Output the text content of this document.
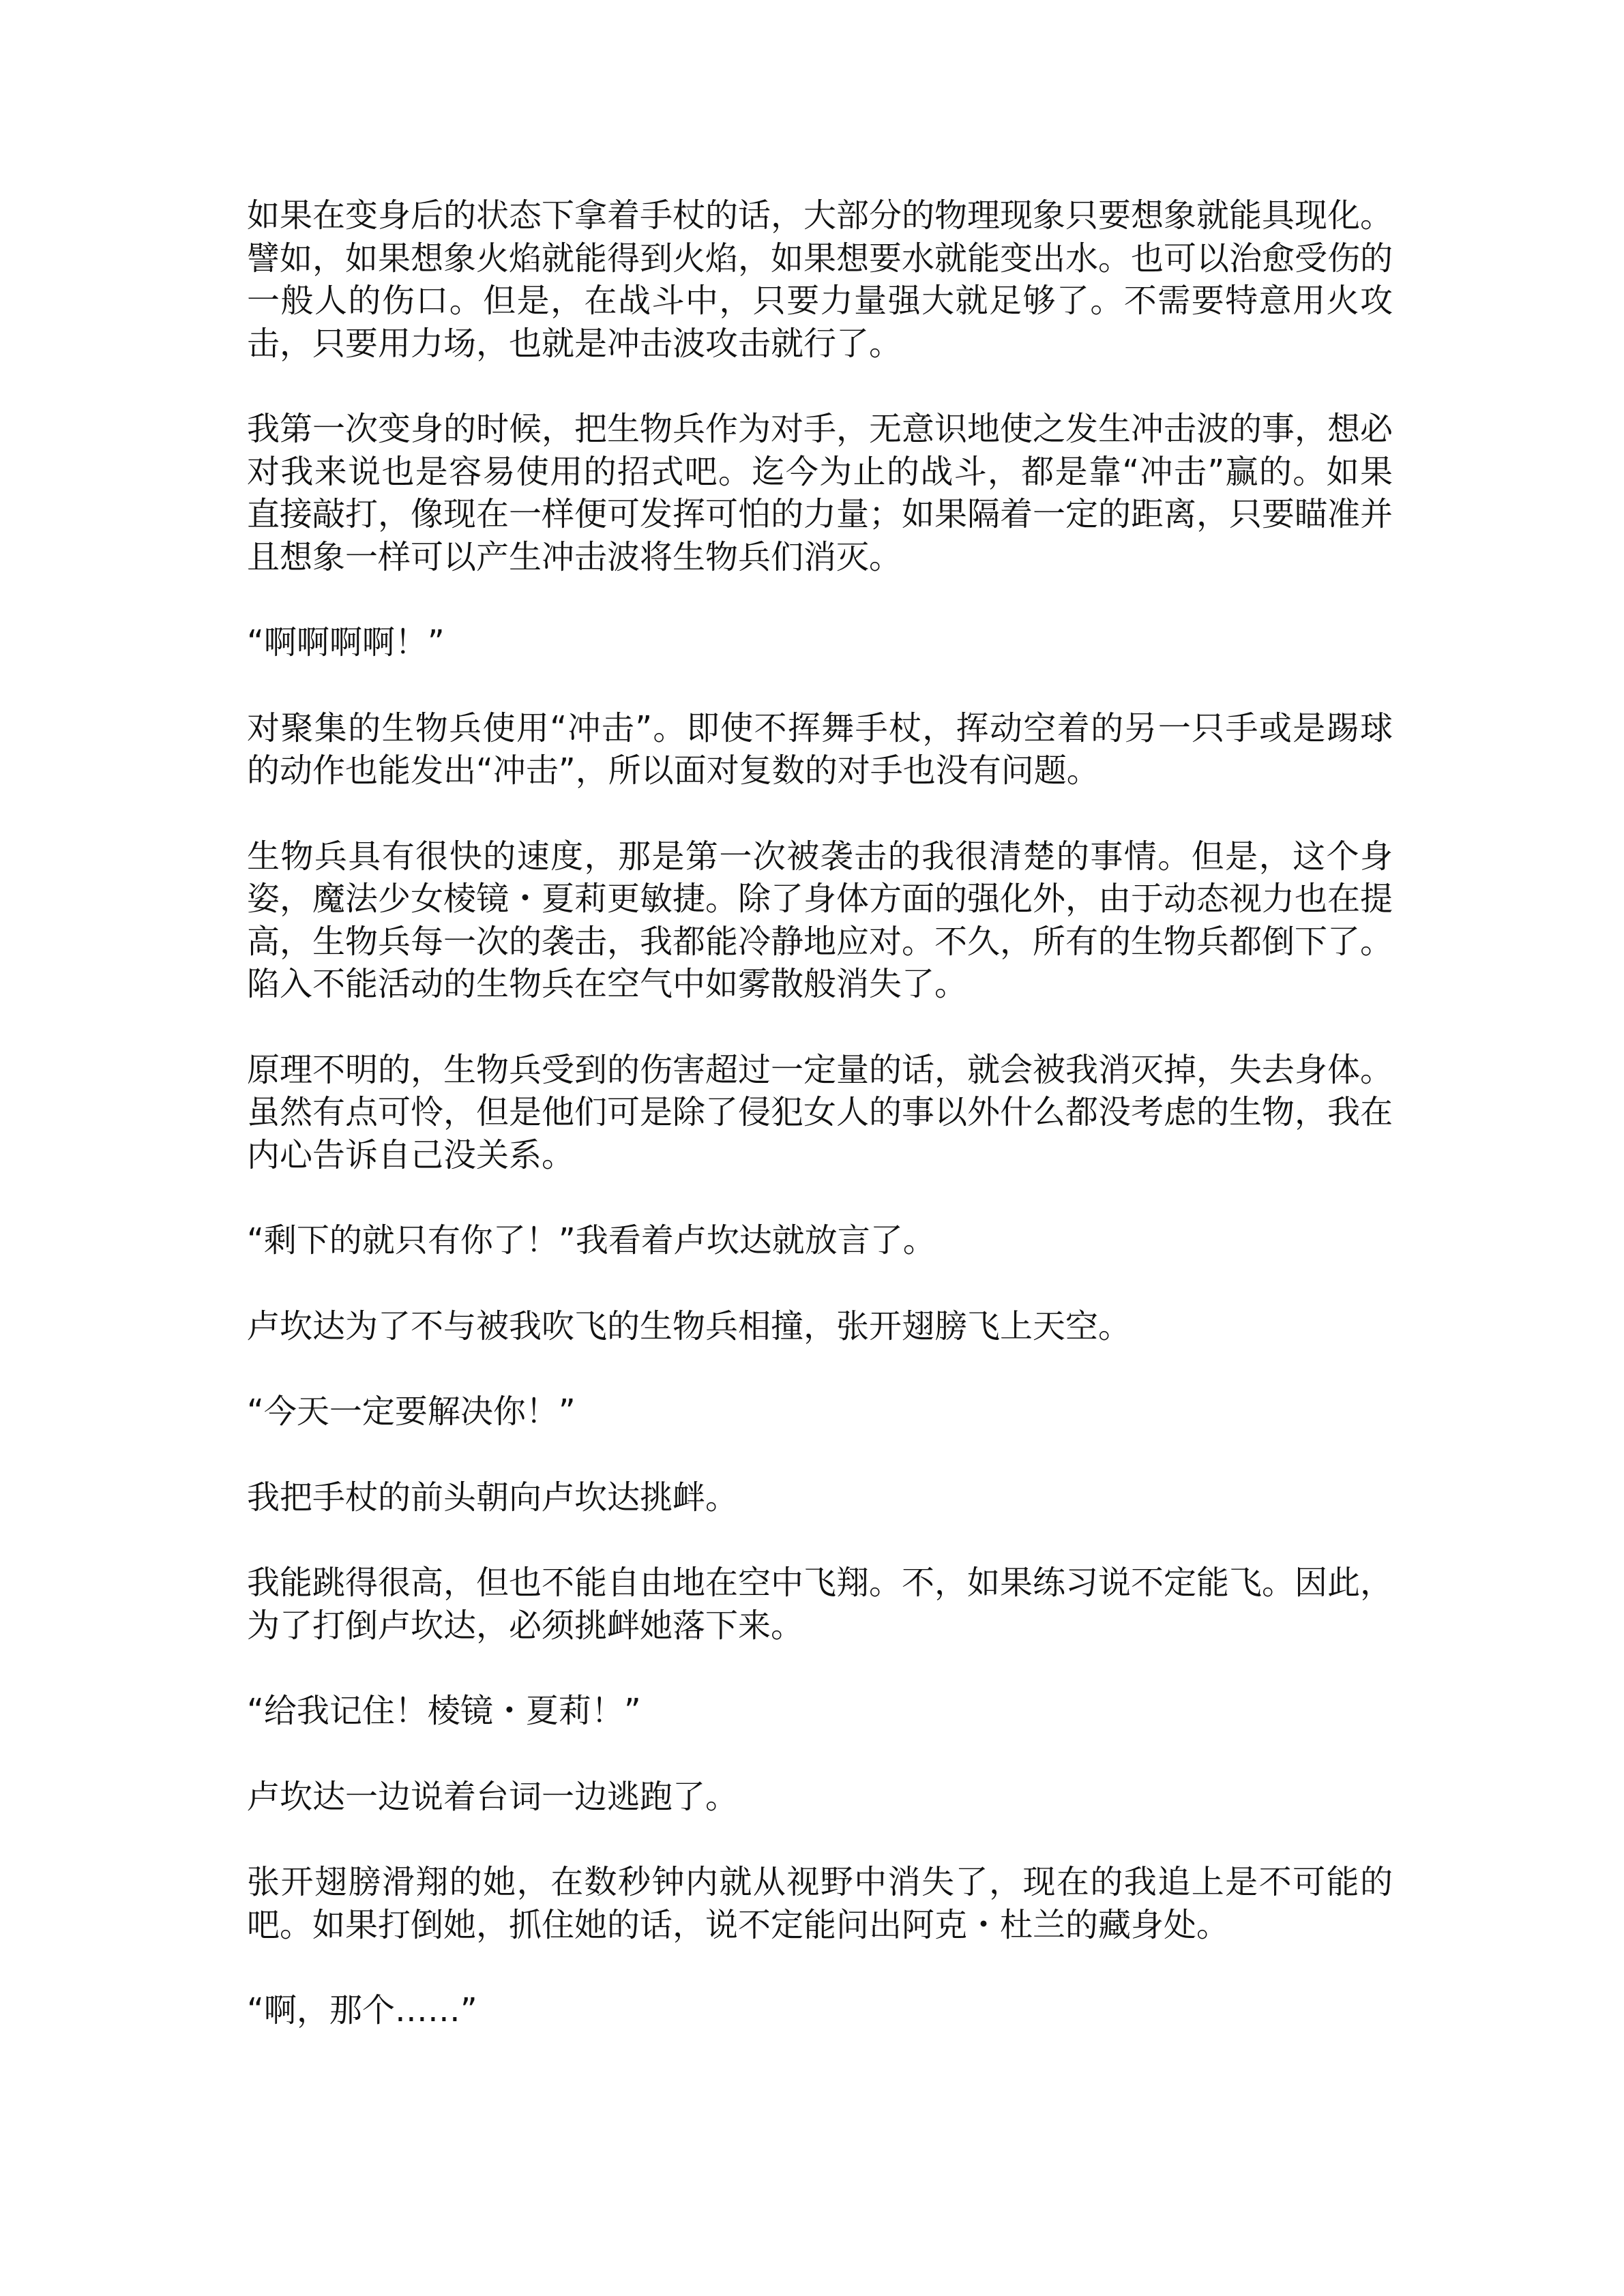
如果在变身后的状态下拿着手杖的话，大部分的物理现象只要想象就能具现化。譬如，如果想象火焰就能得到火焰，如果想要水就能变出水。也可以治愈受伤的一般人的伤口。但是，在战斗中，只要力量强大就足够了。不需要特意用火攻击，只要用力场，也就是冲击波攻击就行了。

我第一次变身的时候，把生物兵作为对手，无意识地使之发生冲击波的事，想必对我来说也是容易使用的招式吧。迄今为止的战斗，都是靠“冲击”赢的。如果直接敲打，像现在一样便可发挥可怕的力量；如果隔着一定的距离，只要瞄准并且想象一样可以产生冲击波将生物兵们消灭。

“啊啊啊啊！”

对聚集的生物兵使用“冲击”。即使不挥舞手杖，挥动空着的另一只手或是踢球的动作也能发出“冲击”，所以面对复数的对手也没有问题。

生物兵具有很快的速度，那是第一次被袭击的我很清楚的事情。但是，这个身姿，魔法少女棱镜・夏莉更敏捷。除了身体方面的强化外，由于动态视力也在提高，生物兵每一次的袭击，我都能冷静地应对。不久，所有的生物兵都倒下了。陷入不能活动的生物兵在空气中如雾散般消失了。

原理不明的，生物兵受到的伤害超过一定量的话，就会被我消灭掉，失去身体。虽然有点可怜，但是他们可是除了侵犯女人的事以外什么都没考虑的生物，我在内心告诉自己没关系。

“剩下的就只有你了！”我看着卢坎达就放言了。

卢坎达为了不与被我吹飞的生物兵相撞，张开翅膀飞上天空。

“今天一定要解决你！”

我把手杖的前头朝向卢坎达挑衅。

我能跳得很高，但也不能自由地在空中飞翔。不，如果练习说不定能飞。因此，为了打倒卢坎达，必须挑衅她落下来。

“给我记住！棱镜・夏莉！”

卢坎达一边说着台词一边逃跑了。

张开翅膀滑翔的她，在数秒钟内就从视野中消失了，现在的我追上是不可能的吧。如果打倒她，抓住她的话，说不定能问出阿克・杜兰的藏身处。

“啊，那个……”
